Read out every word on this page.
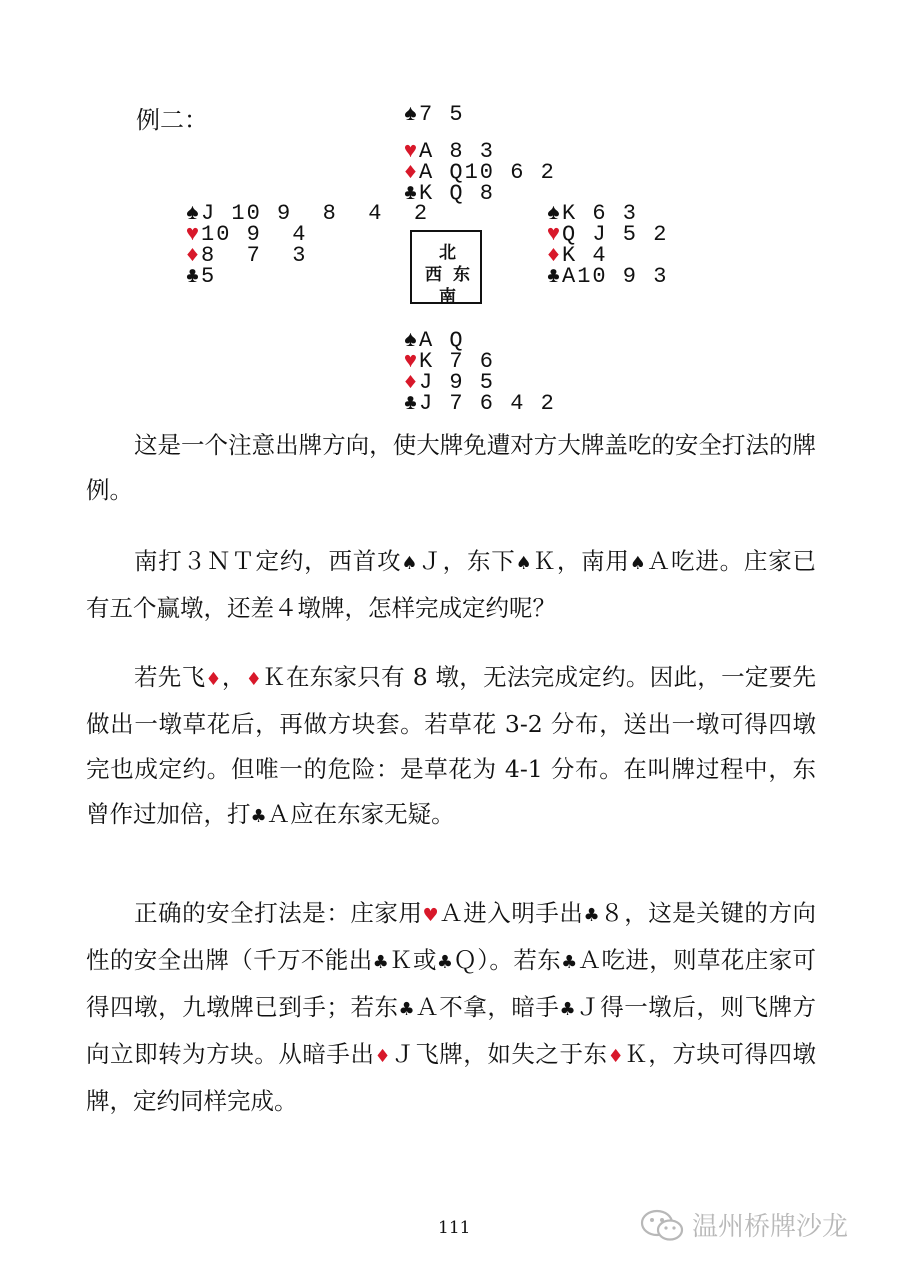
例二：	♠7 5
♥A 8 3
♦A Q10 6 2
♣K Q 8
♠J 10 9  8  4  2
♥10 9  4
♦8  7  3
♣5
♠K 6 3
♥Q J 5 2
♦K 4
♣A10 9 3
♠A Q
♥K 7 6
♦J 9 5
♣J 7 6 4 2
北
西 东
南

这是一个注意出牌方向，使大牌免遭对方大牌盖吃的安全打法的牌例。

南打３ＮＴ定约，西首攻♠Ｊ，东下♠Ｋ，南用♠Ａ吃进。庄家已有五个赢墩，还差４墩牌，怎样完成定约呢？

若先飞♦，♦Ｋ在东家只有 8 墩，无法完成定约。因此，一定要先做出一墩草花后，再做方块套。若草花 3-2 分布，送出一墩可得四墩完也成定约。但唯一的危险：是草花为 4-1 分布。在叫牌过程中，东曾作过加倍，打♣Ａ应在东家无疑。

正确的安全打法是：庄家用♥Ａ进入明手出♣８，这是关键的方向性的安全出牌（千万不能出♣Ｋ或♣Ｑ）。若东♣Ａ吃进，则草花庄家可得四墩，九墩牌已到手；若东♣Ａ不拿，暗手♣Ｊ得一墩后，则飞牌方向立即转为方块。从暗手出♦Ｊ飞牌，如失之于东♦Ｋ，方块可得四墩牌，定约同样完成。

111	温州桥牌沙龙
